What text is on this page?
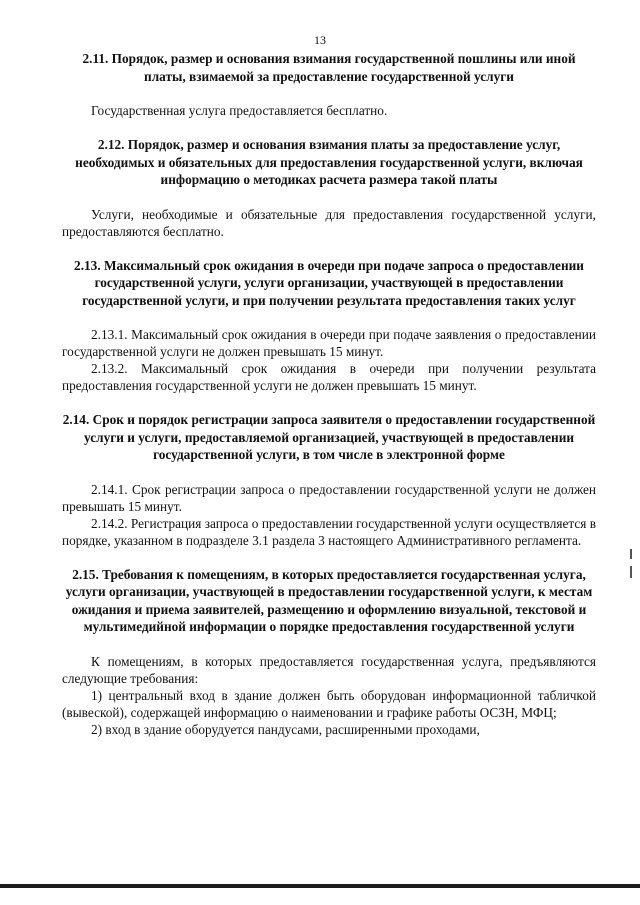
13

2.11. Порядок, размер и основания взимания государственной пошлины или иной платы, взимаемой за предоставление государственной услуги

Государственная услуга предоставляется бесплатно.

2.12. Порядок, размер и основания взимания платы за предоставление услуг, необходимых и обязательных для предоставления государственной услуги, включая информацию о методиках расчета размера такой платы

Услуги, необходимые и обязательные для предоставления государственной услуги, предоставляются бесплатно.

2.13. Максимальный срок ожидания в очереди при подаче запроса о предоставлении государственной услуги, услуги организации, участвующей в предоставлении государственной услуги, и при получении результата предоставления таких услуг

2.13.1. Максимальный срок ожидания в очереди при подаче заявления о предоставлении государственной услуги не должен превышать 15 минут.

2.13.2. Максимальный срок ожидания в очереди при получении результата предоставления государственной услуги не должен превышать 15 минут.

2.14. Срок и порядок регистрации запроса заявителя о предоставлении государственной услуги и услуги, предоставляемой организацией, участвующей в предоставлении государственной услуги, в том числе в электронной форме

2.14.1. Срок регистрации запроса о предоставлении государственной услуги не должен превышать 15 минут.

2.14.2. Регистрация запроса о предоставлении государственной услуги осуществляется в порядке, указанном в подразделе 3.1 раздела 3 настоящего Административного регламента.

2.15. Требования к помещениям, в которых предоставляется государственная услуга, услуги организации, участвующей в предоставлении государственной услуги, к местам ожидания и приема заявителей, размещению и оформлению визуальной, текстовой и мультимедийной информации о порядке предоставления государственной услуги

К помещениям, в которых предоставляется государственная услуга, предъявляются следующие требования:

1) центральный вход в здание должен быть оборудован информационной табличкой (вывеской), содержащей информацию о наименовании и графике работы ОСЗН, МФЦ;

2) вход в здание оборудуется пандусами, расширенными проходами,
